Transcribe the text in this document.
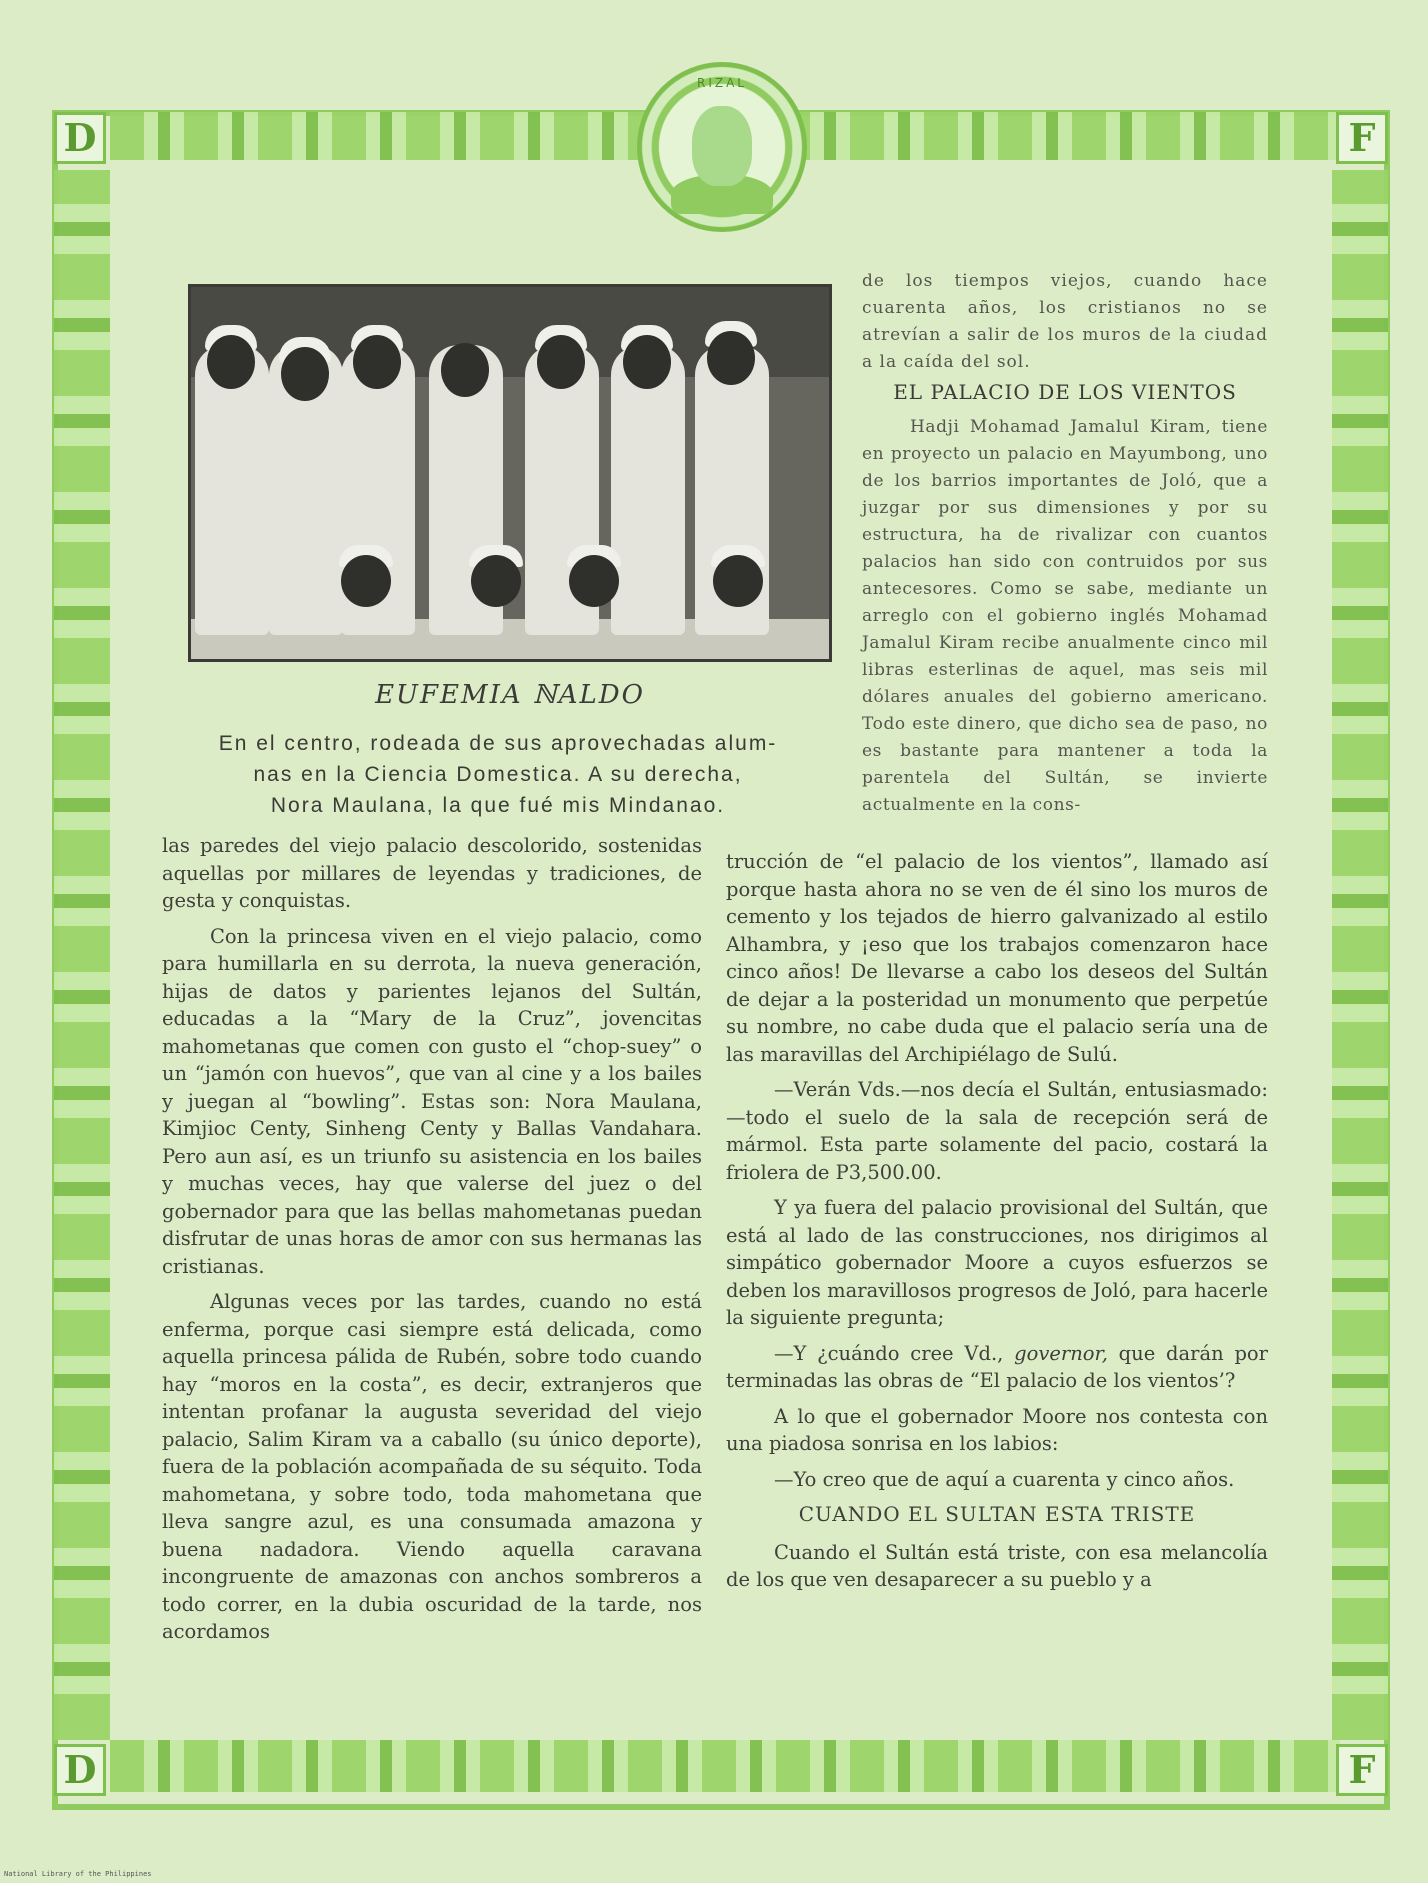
D	F
D	F
RIZAL
EUFEMIA ℕALDO
En el centro, rodeada de sus aprovechadas alum-
nas en la Ciencia Domestica. A su derecha,
Nora Maulana, la que fué mis Mindanao.

de los tiempos viejos, cuando hace cuarenta años, los cristianos no se atrevían a salir de los muros de la ciudad a la caída del sol.

EL PALACIO DE LOS VIENTOS

Hadji Mohamad Jamalul Kiram, tiene en proyecto un palacio en Mayumbong, uno de los barrios importantes de Joló, que a juzgar por sus dimensiones y por su estructura, ha de rivalizar con cuantos palacios han sido con contruidos por sus antecesores. Como se sabe, mediante un arreglo con el gobierno inglés Mohamad Jamalul Kiram recibe anualmente cinco mil libras esterlinas de aquel, mas seis mil dólares anuales del gobierno americano. Todo este dinero, que dicho sea de paso, no es bastante para mantener a toda la parentela del Sultán, se invierte actualmente en la cons-

las paredes del viejo palacio descolorido, sostenidas aquellas por millares de leyendas y tradiciones, de gesta y conquistas.

Con la princesa viven en el viejo palacio, como para humillarla en su derrota, la nueva generación, hijas de datos y parientes lejanos del Sultán, educadas a la “Mary de la Cruz”, jovencitas mahometanas que comen con gusto el “chop-suey” o un “jamón con huevos”, que van al cine y a los bailes y juegan al “bowling”. Estas son: Nora Maulana, Kimjioc Centy, Sinheng Centy y Ballas Vandahara. Pero aun así, es un triunfo su asistencia en los bailes y muchas veces, hay que valerse del juez o del gobernador para que las bellas mahometanas puedan disfrutar de unas horas de amor con sus hermanas las cristianas.

Algunas veces por las tardes, cuando no está enferma, porque casi siempre está delicada, como aquella princesa pálida de Rubén, sobre todo cuando hay “moros en la costa”, es decir, extranjeros que intentan profanar la augusta severidad del viejo palacio, Salim Kiram va a caballo (su único deporte), fuera de la población acompañada de su séquito. Toda mahometana, y sobre todo, toda mahometana que lleva sangre azul, es una consumada amazona y buena nadadora. Viendo aquella caravana incongruente de amazonas con anchos sombreros a todo correr, en la dubia oscuridad de la tarde, nos acordamos

trucción de “el palacio de los vientos”, llamado así porque hasta ahora no se ven de él sino los muros de cemento y los tejados de hierro galvanizado al estilo Alhambra, y ¡eso que los trabajos comenzaron hace cinco años! De llevarse a cabo los deseos del Sultán de dejar a la posteridad un monumento que perpetúe su nombre, no cabe duda que el palacio sería una de las maravillas del Archipiélago de Sulú.

—Verán Vds.—nos decía el Sultán, entusiasmado:—todo el suelo de la sala de recepción será de mármol. Esta parte solamente del pacio, costará la friolera de P3,500.00.

Y ya fuera del palacio provisional del Sultán, que está al lado de las construcciones, nos dirigimos al simpático gobernador Moore a cuyos esfuerzos se deben los maravillosos progresos de Joló, para hacerle la siguiente pregunta;

—Y ¿cuándo cree Vd., governor, que darán por terminadas las obras de “El palacio de los vientos’?

A lo que el gobernador Moore nos contesta con una piadosa sonrisa en los labios:

—Yo creo que de aquí a cuarenta y cinco años.

CUANDO EL SULTAN ESTA TRISTE

Cuando el Sultán está triste, con esa melancolía de los que ven desaparecer a su pueblo y a

National Library of the Philippines
